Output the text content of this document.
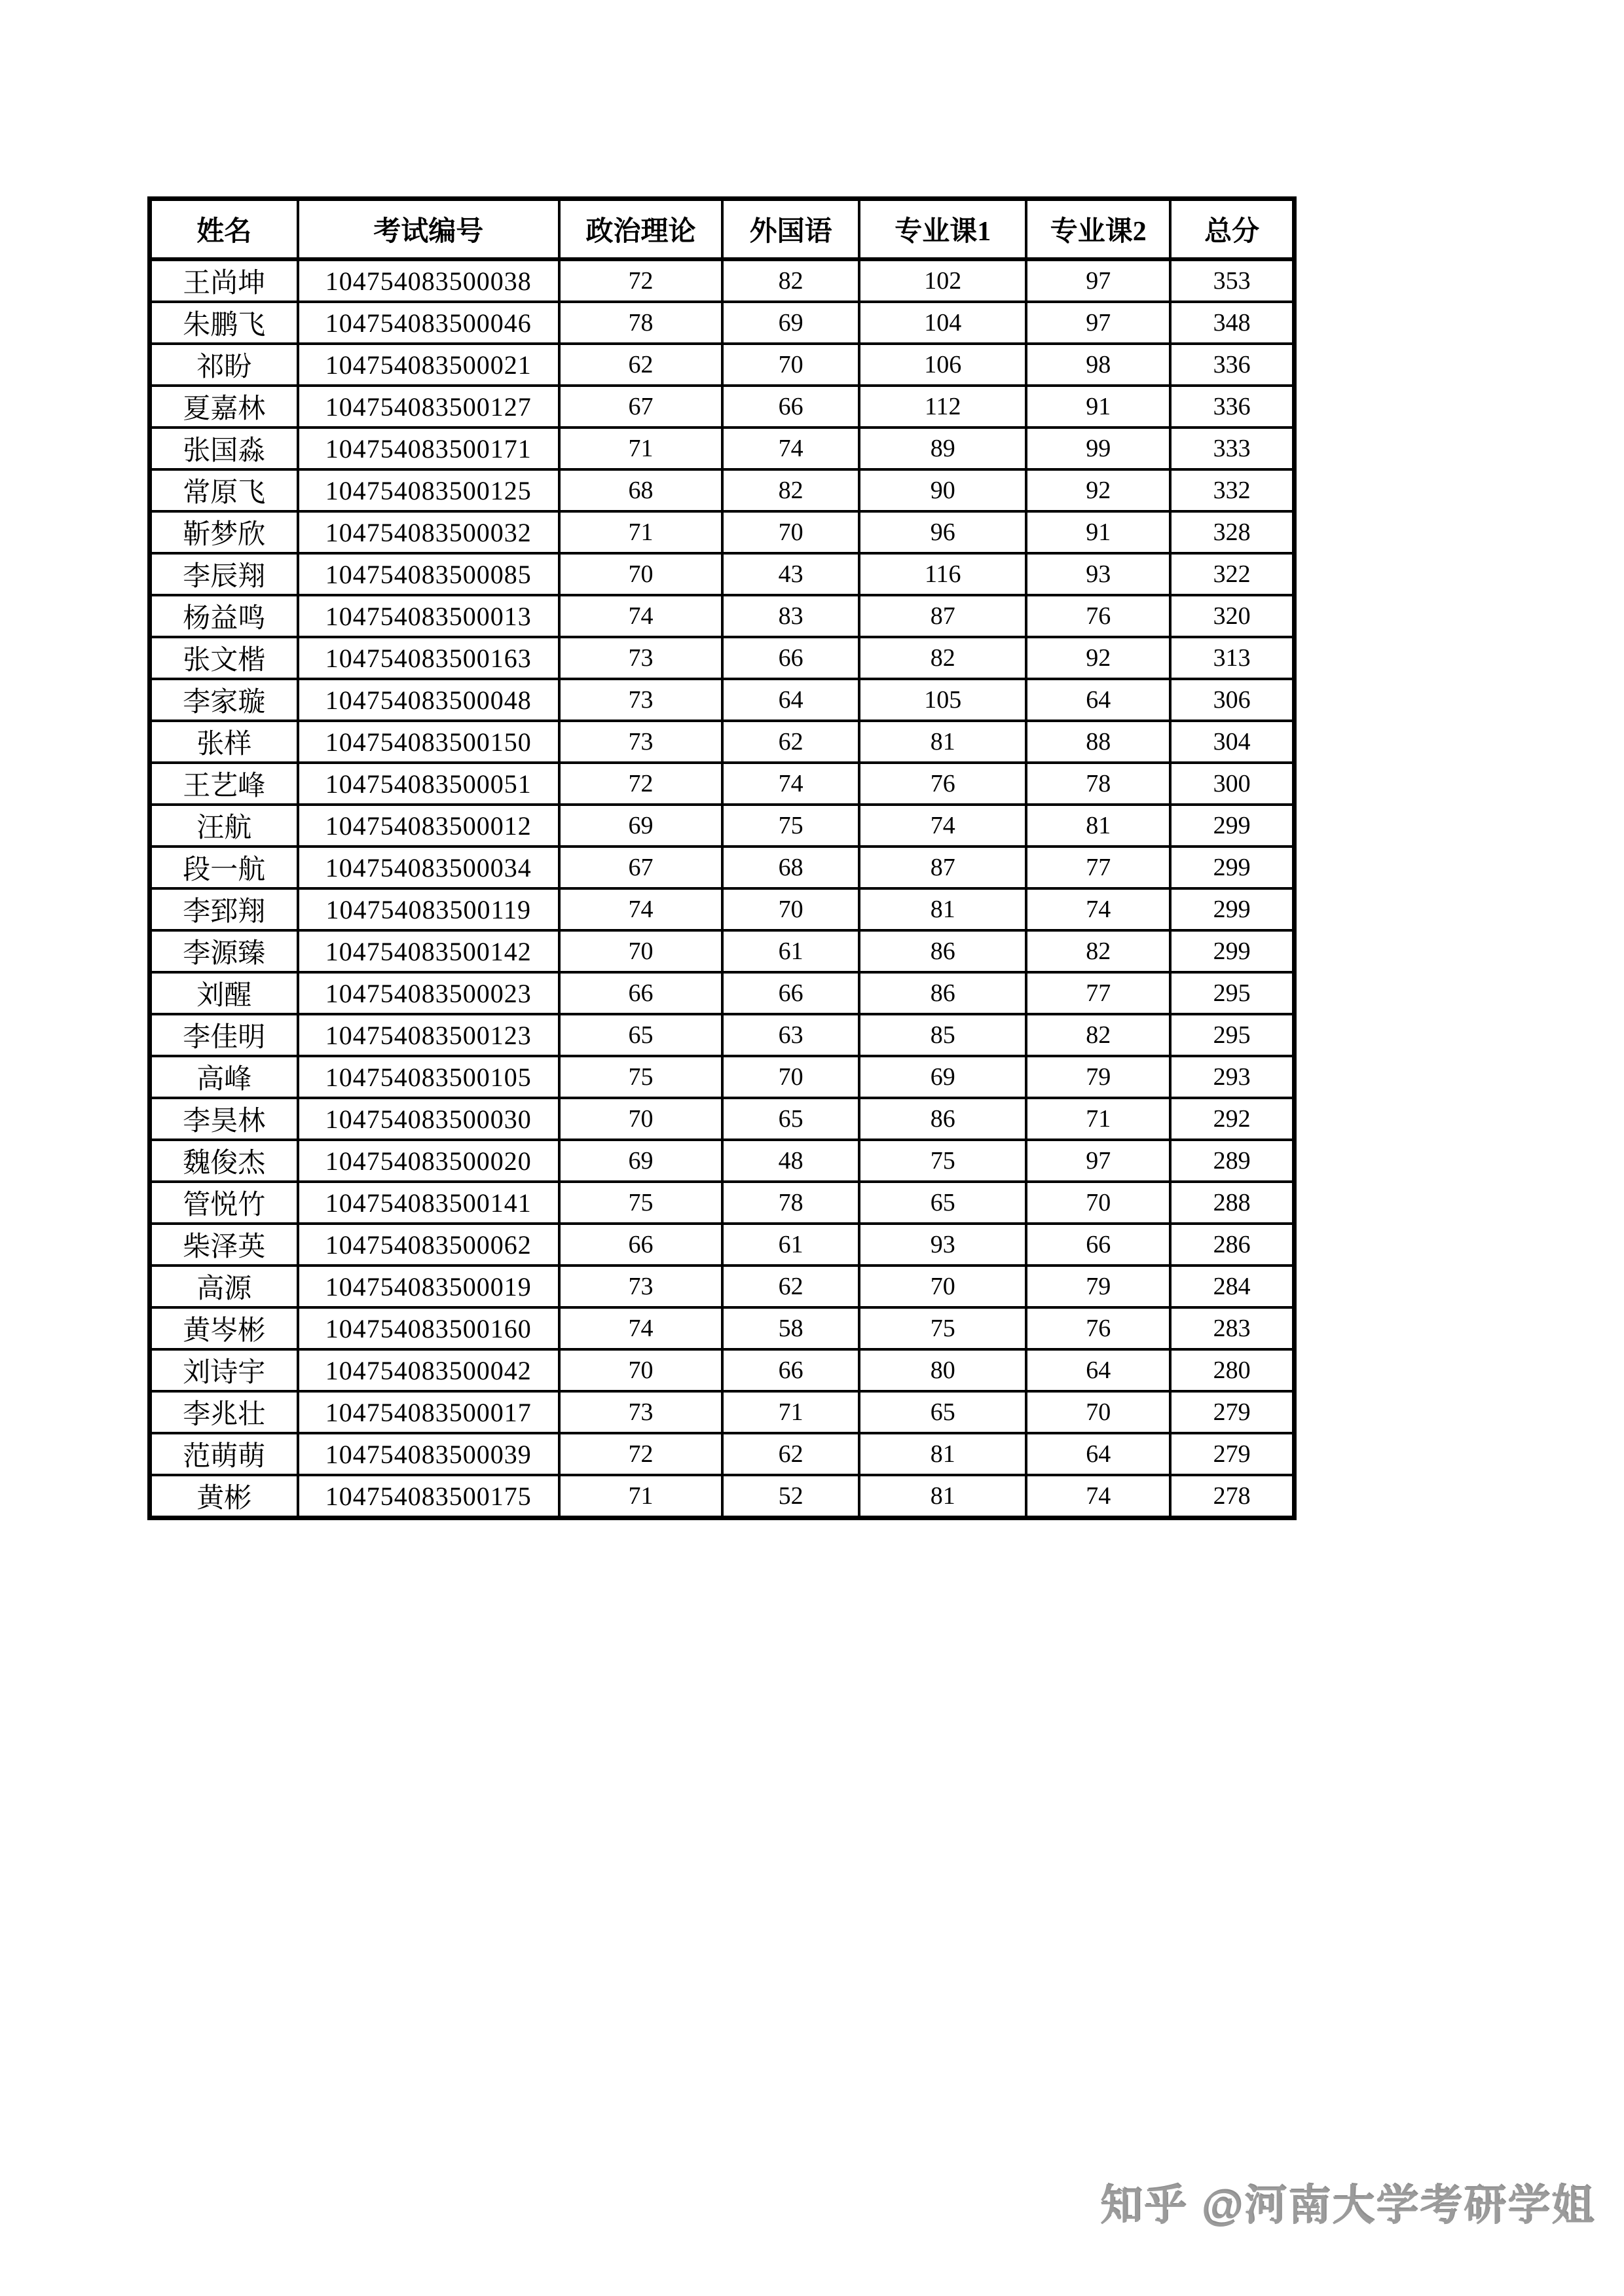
姓名	考试编号	政治理论	外国语	专业课1	专业课2	总分
王尚坤	104754083500038	72	82	102	97	353
朱鹏飞	104754083500046	78	69	104	97	348
祁盼	104754083500021	62	70	106	98	336
夏嘉林	104754083500127	67	66	112	91	336
张国淼	104754083500171	71	74	89	99	333
常原飞	104754083500125	68	82	90	92	332
靳梦欣	104754083500032	71	70	96	91	328
李辰翔	104754083500085	70	43	116	93	322
杨益鸣	104754083500013	74	83	87	76	320
张文楷	104754083500163	73	66	82	92	313
李家璇	104754083500048	73	64	105	64	306
张样	104754083500150	73	62	81	88	304
王艺峰	104754083500051	72	74	76	78	300
汪航	104754083500012	69	75	74	81	299
段一航	104754083500034	67	68	87	77	299
李郅翔	104754083500119	74	70	81	74	299
李源臻	104754083500142	70	61	86	82	299
刘醒	104754083500023	66	66	86	77	295
李佳明	104754083500123	65	63	85	82	295
高峰	104754083500105	75	70	69	79	293
李昊林	104754083500030	70	65	86	71	292
魏俊杰	104754083500020	69	48	75	97	289
管悦竹	104754083500141	75	78	65	70	288
柴泽英	104754083500062	66	61	93	66	286
高源	104754083500019	73	62	70	79	284
黄岑彬	104754083500160	74	58	75	76	283
刘诗宇	104754083500042	70	66	80	64	280
李兆壮	104754083500017	73	71	65	70	279
范萌萌	104754083500039	72	62	81	64	279
黄彬	104754083500175	71	52	81	74	278
知乎 @河南大学考研学姐
